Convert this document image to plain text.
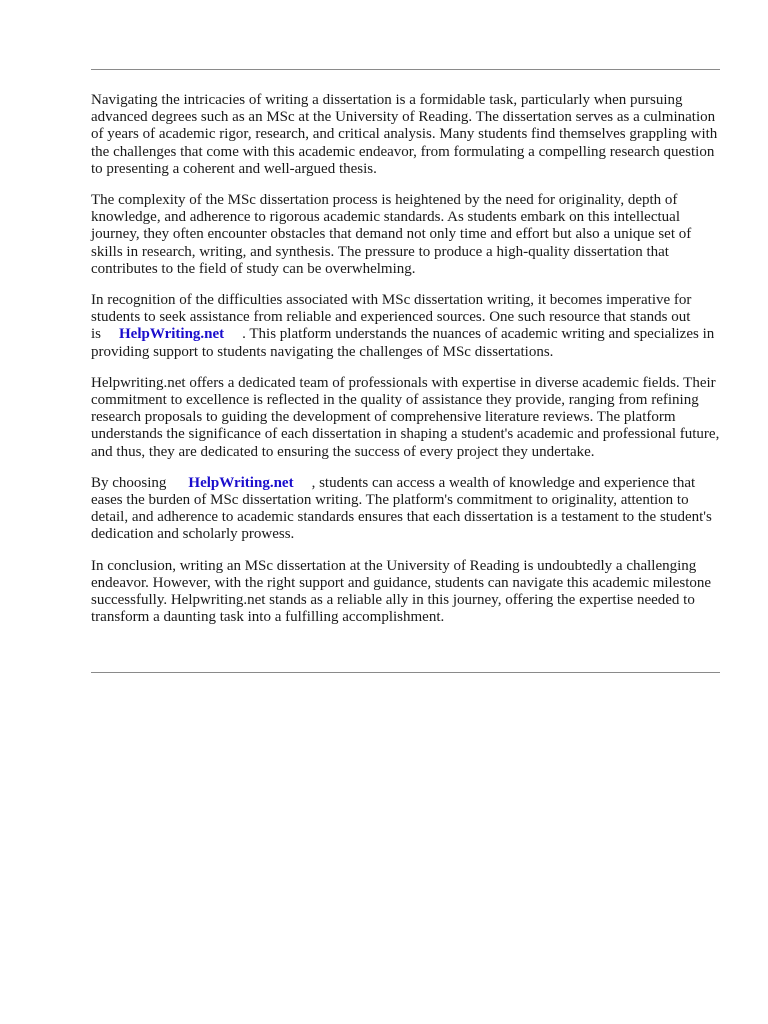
Navigating the intricacies of writing a dissertation is a formidable task, particularly when pursuing advanced degrees such as an MSc at the University of Reading. The dissertation serves as a culmination of years of academic rigor, research, and critical analysis. Many students find themselves grappling with the challenges that come with this academic endeavor, from formulating a compelling research question to presenting a coherent and well-argued thesis.

The complexity of the MSc dissertation process is heightened by the need for originality, depth of knowledge, and adherence to rigorous academic standards. As students embark on this intellectual journey, they often encounter obstacles that demand not only time and effort but also a unique set of skills in research, writing, and synthesis. The pressure to produce a high-quality dissertation that contributes to the field of study can be overwhelming.

In recognition of the difficulties associated with MSc dissertation writing, it becomes imperative for students to seek assistance from reliable and experienced sources. One such resource that stands out is HelpWriting.net . This platform understands the nuances of academic writing and specializes in providing support to students navigating the challenges of MSc dissertations.

Helpwriting.net offers a dedicated team of professionals with expertise in diverse academic fields. Their commitment to excellence is reflected in the quality of assistance they provide, ranging from refining research proposals to guiding the development of comprehensive literature reviews. The platform understands the significance of each dissertation in shaping a student's academic and professional future, and thus, they are dedicated to ensuring the success of every project they undertake.

By choosing HelpWriting.net , students can access a wealth of knowledge and experience that eases the burden of MSc dissertation writing. The platform's commitment to originality, attention to detail, and adherence to academic standards ensures that each dissertation is a testament to the student's dedication and scholarly prowess.

In conclusion, writing an MSc dissertation at the University of Reading is undoubtedly a challenging endeavor. However, with the right support and guidance, students can navigate this academic milestone successfully. Helpwriting.net stands as a reliable ally in this journey, offering the expertise needed to transform a daunting task into a fulfilling accomplishment.
